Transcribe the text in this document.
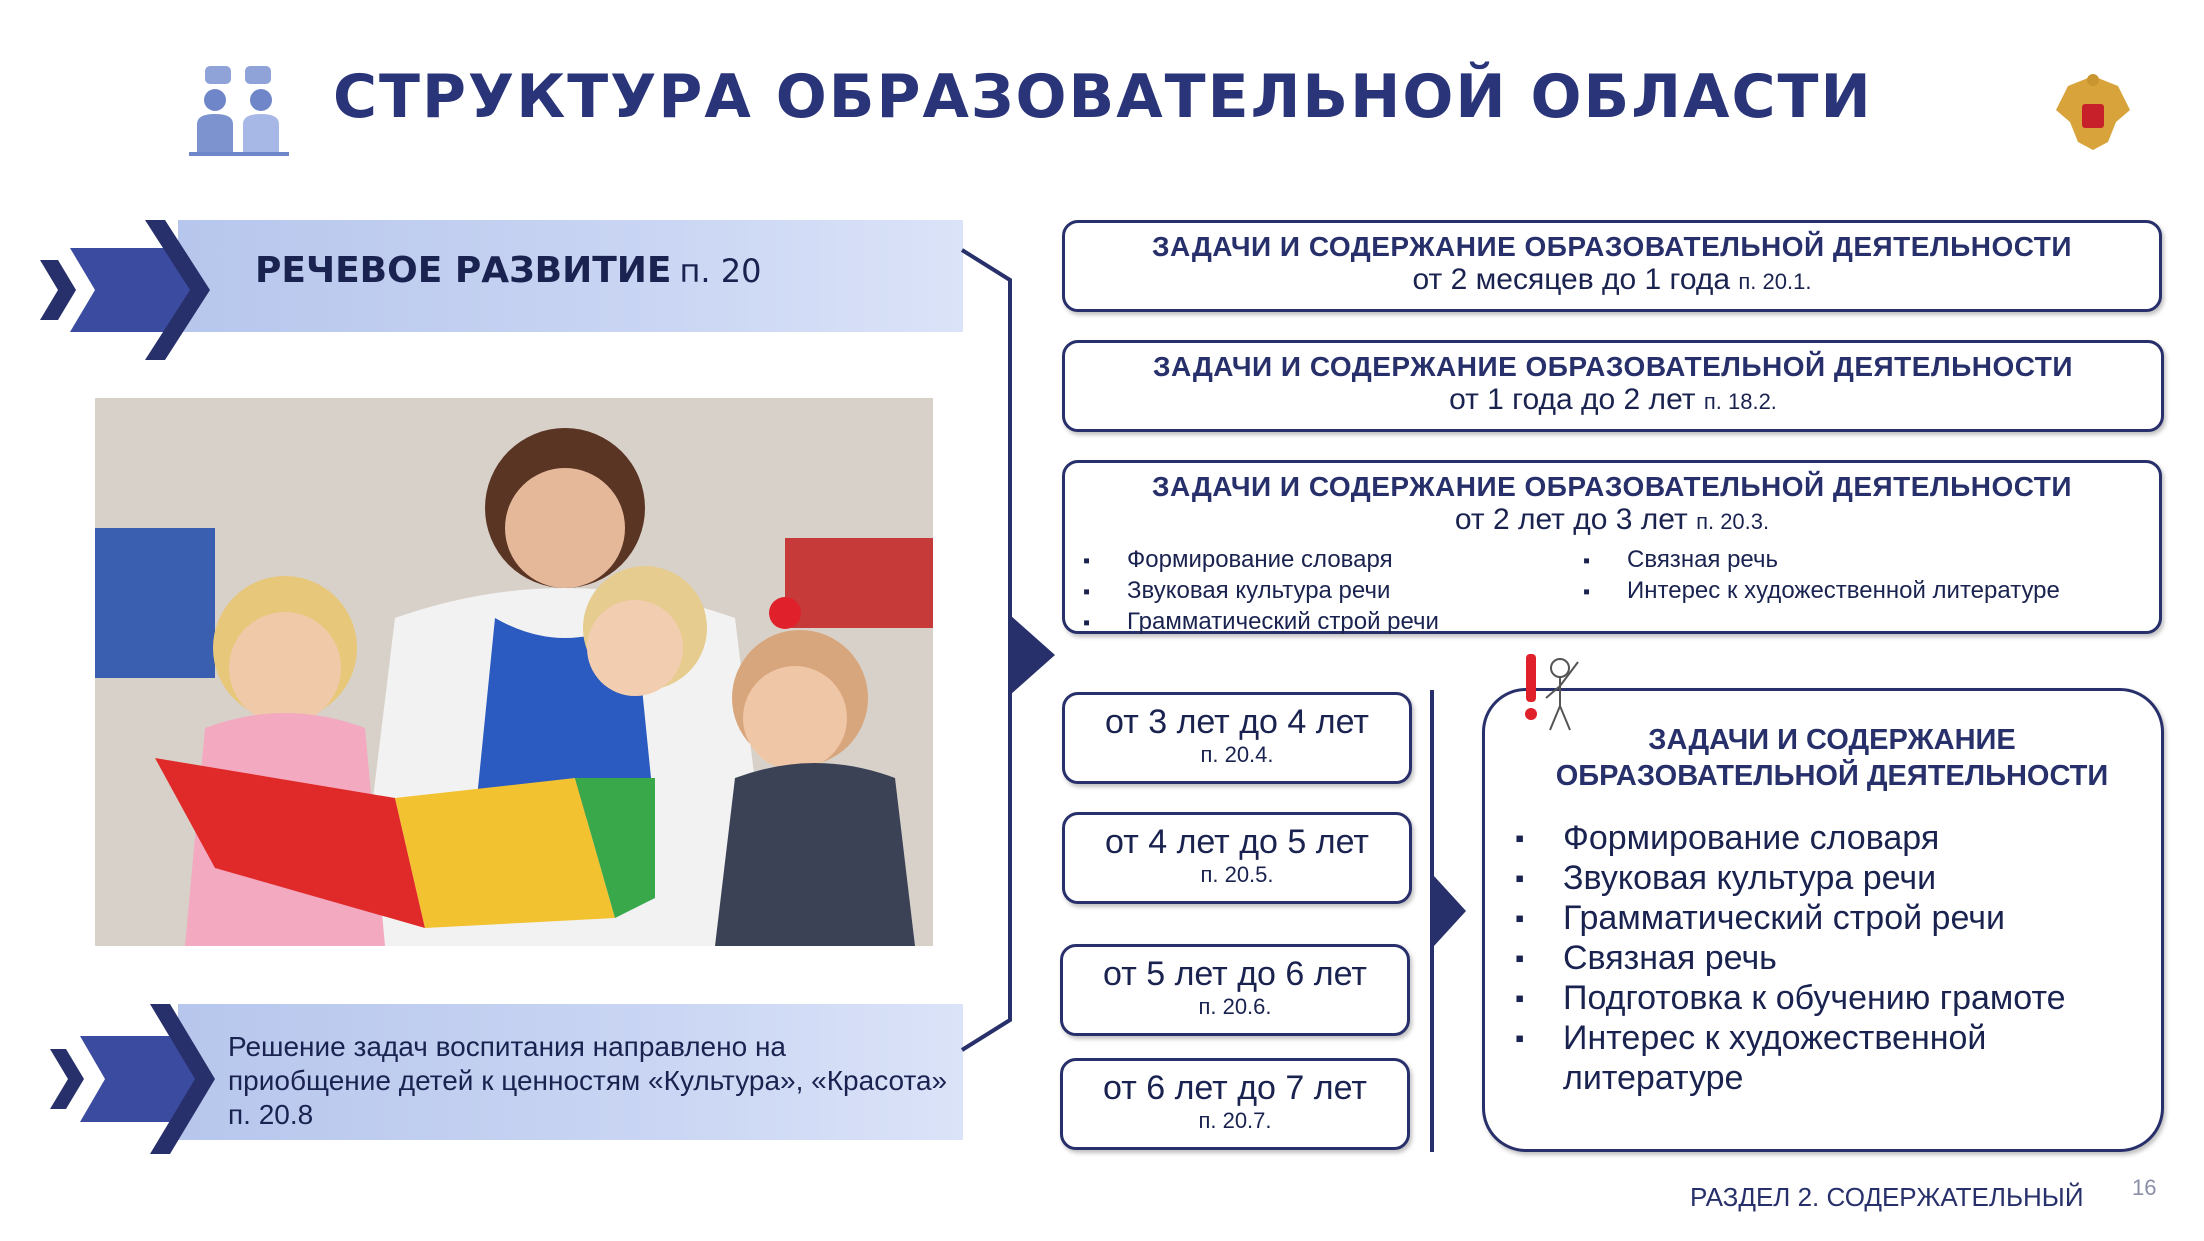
СТРУКТУРА ОБРАЗОВАТЕЛЬНОЙ ОБЛАСТИ
РЕЧЕВОЕ РАЗВИТИЕ п. 20
Решение задач воспитания направлено на приобщение детей к ценностям «Культура», «Красота» п. 20.8
ЗАДАЧИ И СОДЕРЖАНИЕ ОБРАЗОВАТЕЛЬНОЙ ДЕЯТЕЛЬНОСТИ
от 2 месяцев до 1 года п. 20.1.
ЗАДАЧИ И СОДЕРЖАНИЕ ОБРАЗОВАТЕЛЬНОЙ ДЕЯТЕЛЬНОСТИ
от 1 года до 2 лет п. 18.2.
ЗАДАЧИ И СОДЕРЖАНИЕ ОБРАЗОВАТЕЛЬНОЙ ДЕЯТЕЛЬНОСТИ
от 2 лет до 3 лет п. 20.3.
▪ Формирование словаря
▪ Звуковая культура речи
▪ Грамматический строй речи
▪ Связная речь
▪ Интерес к художественной литературе
от 3 лет до 4 лет
п. 20.4.
от 4 лет до 5 лет
п. 20.5.
от 5 лет до 6 лет
п. 20.6.
от 6 лет до 7 лет
п. 20.7.
ЗАДАЧИ И СОДЕРЖАНИЕ
ОБРАЗОВАТЕЛЬНОЙ ДЕЯТЕЛЬНОСТИ
▪ Формирование словаря
▪ Звуковая культура речи
▪ Грамматический строй речи
▪ Связная речь
▪ Подготовка к обучению грамоте
▪ Интерес к художественной литературе
РАЗДЕЛ 2. СОДЕРЖАТЕЛЬНЫЙ 16
